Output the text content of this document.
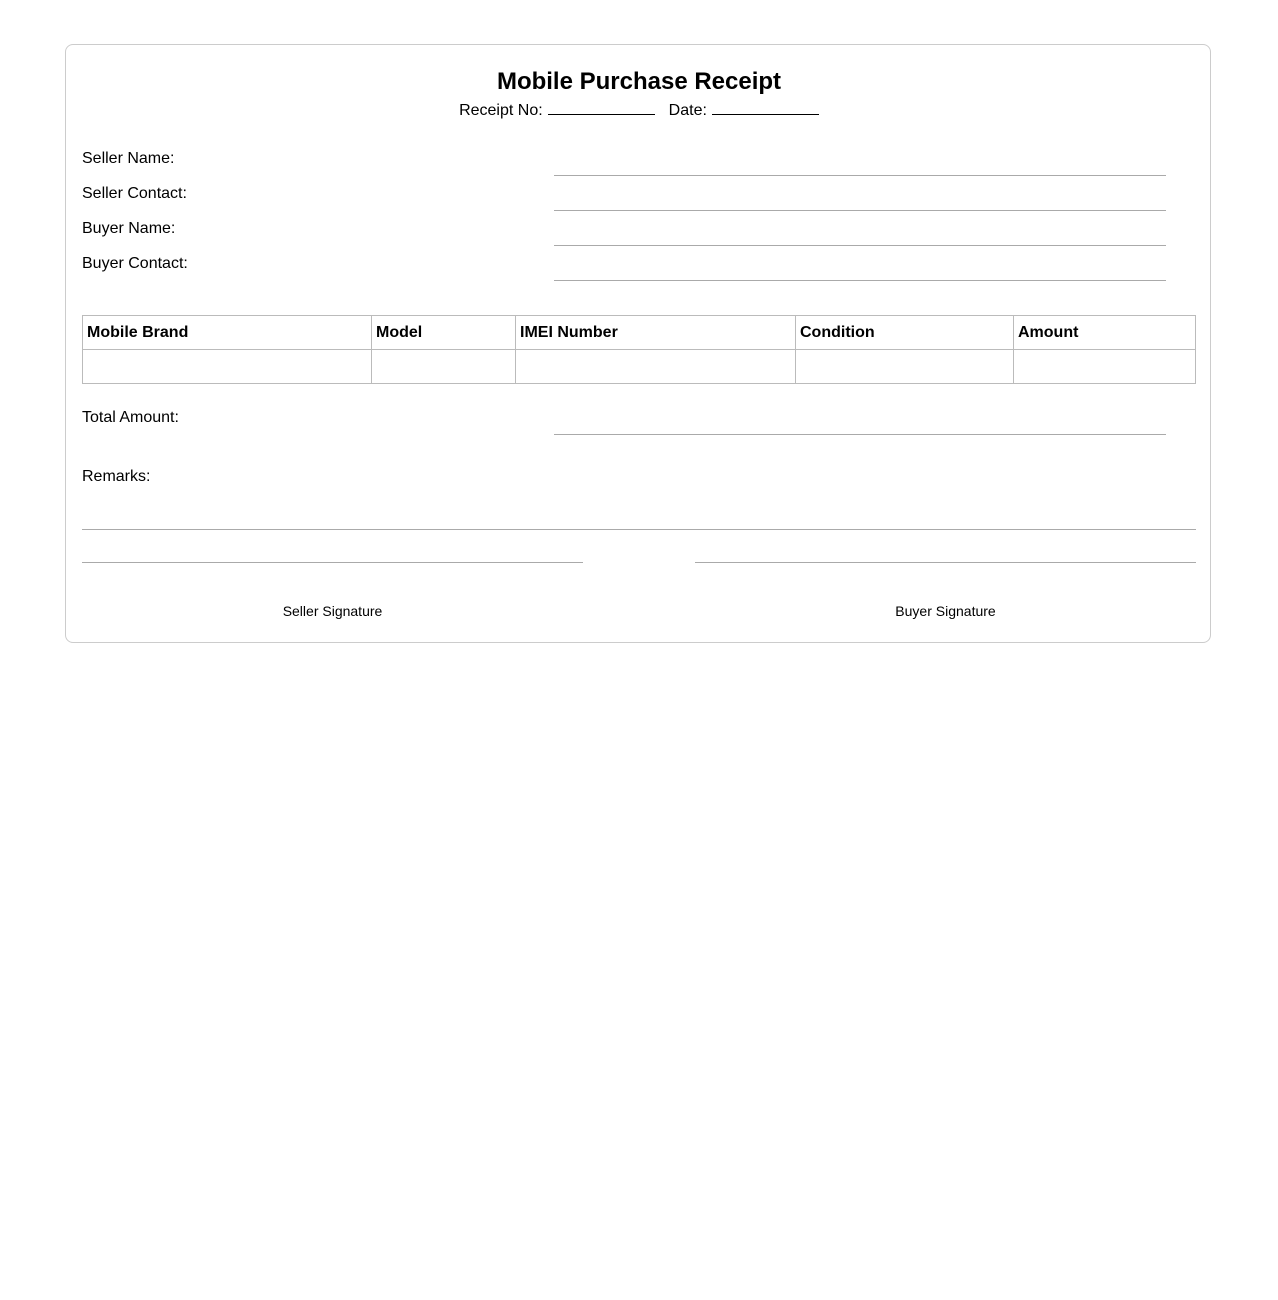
Mobile Purchase Receipt
Receipt No:	Date:
Seller Name:
Seller Contact:
Buyer Name:
Buyer Contact:
Mobile Brand	Model	IMEI Number	Condition	Amount

Total Amount:
Remarks:
Seller Signature	Buyer Signature
